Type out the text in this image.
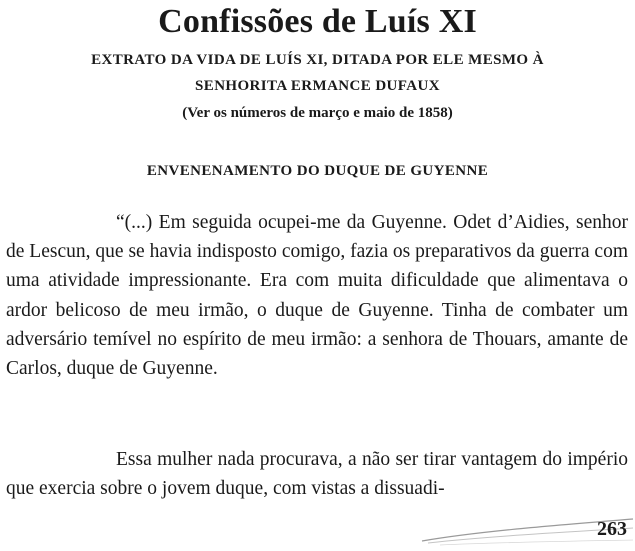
Confissões de Luís XI
EXTRATO DA VIDA DE LUÍS XI, DITADA POR ELE MESMO À
SENHORITA ERMANCE DUFAUX
(Ver os números de março e maio de 1858)
ENVENENAMENTO DO DUQUE DE GUYENNE

“(...) Em seguida ocupei-me da Guyenne. Odet d’Aidies, senhor de Lescun, que se havia indisposto comigo, fazia os preparativos da guerra com uma atividade impressionante. Era com muita dificuldade que alimentava o ardor belicoso de meu irmão, o duque de Guyenne. Tinha de combater um adversário temível no espírito de meu irmão: a senhora de Thouars, amante de Carlos, duque de Guyenne.

Essa mulher nada procurava, a não ser tirar vantagem do império que exercia sobre o jovem duque, com vistas a dissuadi-

263
